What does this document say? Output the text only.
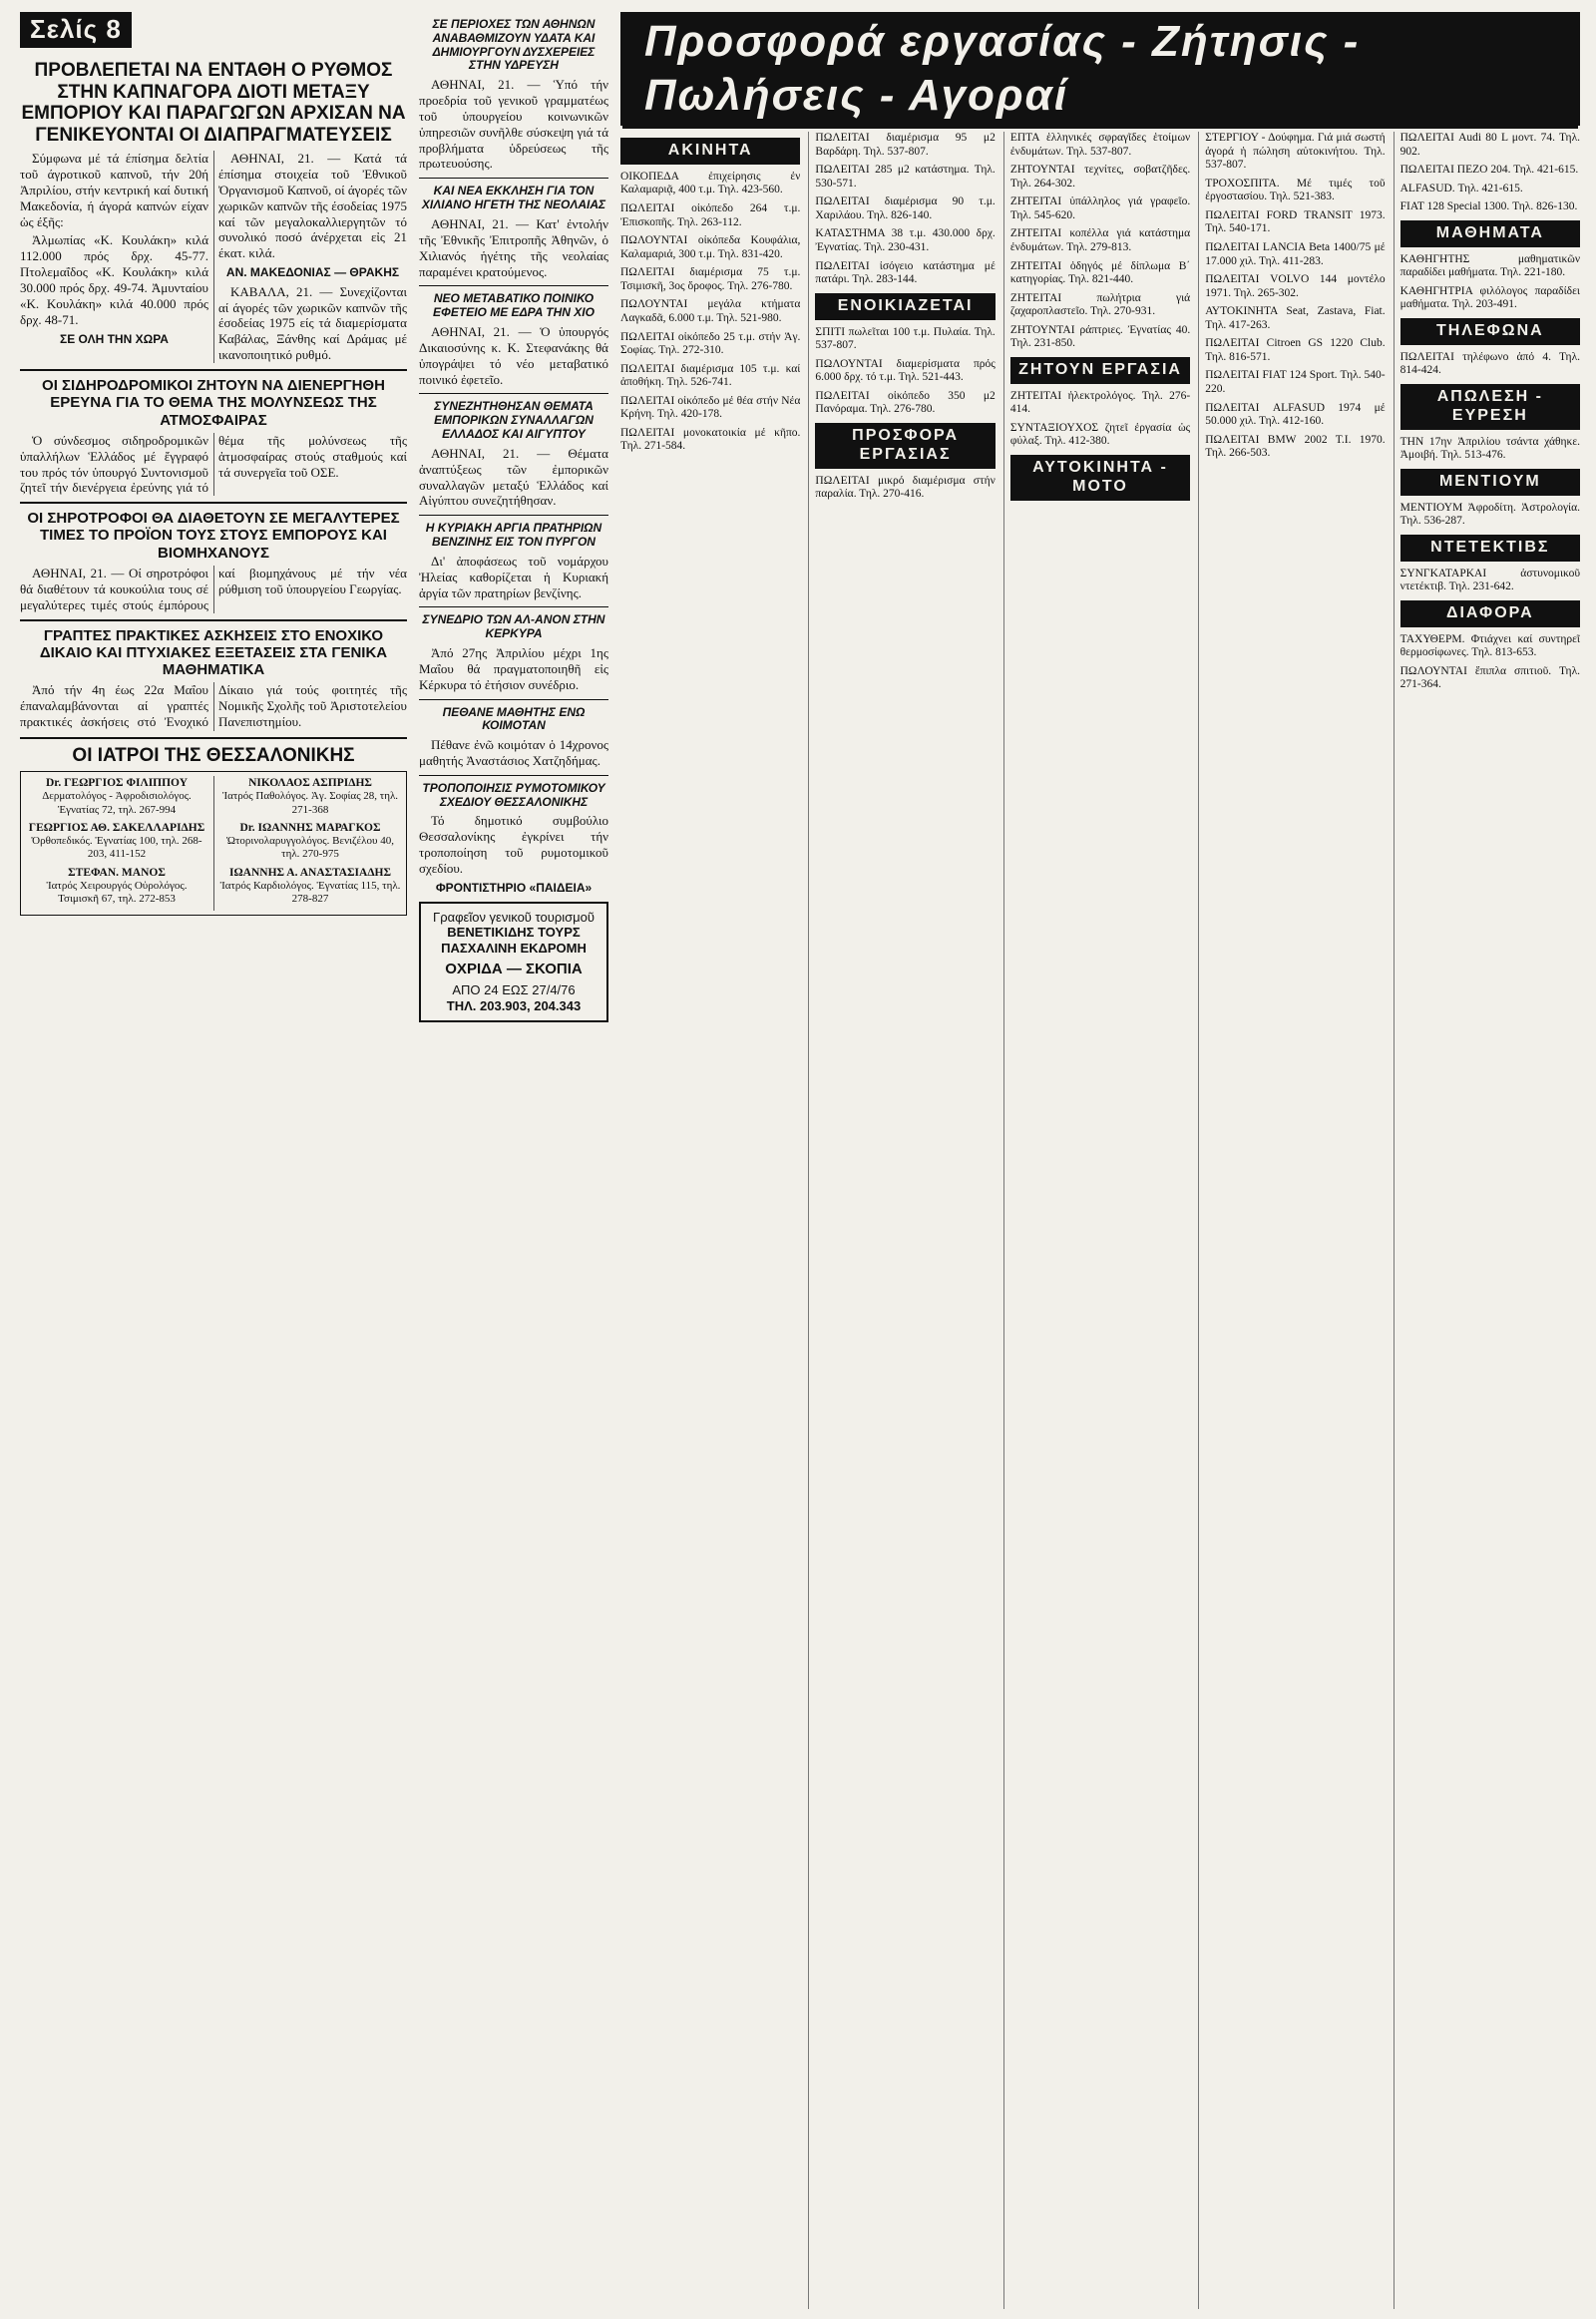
Σελίς 8
ΠΡΟΒΛΕΠΕΤΑΙ ΝΑ ΕΝΤΑΘΗ Ο ΡΥΘΜΟΣ ΣΤΗΝ ΚΑΠΝΑΓΟΡΑ ΔΙΟΤΙ ΜΕΤΑΞΥ ΕΜΠΟΡΙΟΥ ΚΑΙ ΠΑΡΑΓΩΓΩΝ ΑΡΧΙΣΑΝ ΝΑ ΓΕΝΙΚΕΥΟΝΤΑΙ ΟΙ ΔΙΑΠΡΑΓΜΑΤΕΥΣΕΙΣ

Σύμφωνα μέ τά έπίσημα δελτία τοῦ άγροτικοῦ καπνοῦ, τήν 20ή Ἀπριλίου, στήν κεντρική καί δυτική Μακεδονία, ή άγορά καπνών είχαν ὡς έξῆς:

Ἀλμωπίας «Κ. Κουλάκη» κιλά 112.000 πρός δρχ. 45-77. Πτολεμαΐδος «Κ. Κουλάκη» κιλά 30.000 πρός δρχ. 49-74. Ἀμυνταίου «Κ. Κουλάκη» κιλά 40.000 πρός δρχ. 48-71.

ΣΕ ΟΛΗ ΤΗΝ ΧΩΡΑ

ΑΘΗΝΑΙ, 21. — Κατά τά έπίσημα στοιχεία τοῦ Ἐθνικοῦ Ὀργανισμοῦ Καπνοῦ, οί άγορές τῶν χωρικῶν καπνῶν τῆς έσοδείας 1975 καί τῶν μεγαλοκαλλιεργητῶν τό συνολικό ποσό άνέρχεται εἰς 21 έκατ. κιλά.

ΑΝ. ΜΑΚΕΔΟΝΙΑΣ — ΘΡΑΚΗΣ

ΚΑΒΑΛΑ, 21. — Συνεχίζονται αί άγορές τῶν χωρικῶν καπνῶν τῆς έσοδείας 1975 είς τά διαμερίσματα Καβάλας, Ξάνθης καί Δράμας μέ ικανοποιητικό ρυθμό.

ΟΙ ΣΙΔΗΡΟΔΡΟΜΙΚΟΙ ΖΗΤΟΥΝ ΝΑ ΔΙΕΝΕΡΓΗΘΗ ΕΡΕΥΝΑ ΓΙΑ ΤΟ ΘΕΜΑ ΤΗΣ ΜΟΛΥΝΣΕΩΣ ΤΗΣ ΑΤΜΟΣΦΑΙΡΑΣ

Ὁ σύνδεσμος σιδηροδρομικῶν ὑπαλλήλων Ἑλλάδος μέ ἔγγραφό του πρός τόν ὑπουργό Συντονισμοῦ ζητεῖ τήν διενέργεια ἐρεύνης γιά τό θέμα τῆς μολύνσεως τῆς ἀτμοσφαίρας στούς σταθμούς καί τά συνεργεῖα τοῦ ΟΣΕ.

ΟΙ ΣΗΡΟΤΡΟΦΟΙ ΘΑ ΔΙΑΘΕΤΟΥΝ ΣΕ ΜΕΓΑΛΥΤΕΡΕΣ ΤΙΜΕΣ ΤΟ ΠΡΟΪΟΝ ΤΟΥΣ ΣΤΟΥΣ ΕΜΠΟΡΟΥΣ ΚΑΙ ΒΙΟΜΗΧΑΝΟΥΣ

ΑΘΗΝΑΙ, 21. — Οί σηροτρόφοι θά διαθέτουν τά κουκούλια τους σέ μεγαλύτερες τιμές στούς έμπόρους καί βιομηχάνους μέ τήν νέα ρύθμιση τοῦ ὑπουργείου Γεωργίας.

ΓΡΑΠΤΕΣ ΠΡΑΚΤΙΚΕΣ ΑΣΚΗΣΕΙΣ ΣΤΟ ΕΝΟΧΙΚΟ ΔΙΚΑΙΟ ΚΑΙ ΠΤΥΧΙΑΚΕΣ ΕΞΕΤΑΣΕΙΣ ΣΤΑ ΓΕΝΙΚΑ ΜΑΘΗΜΑΤΙΚΑ

Ἀπό τήν 4η έως 22α Μαΐου έπαναλαμβάνονται αί γραπτές πρακτικές ἀσκήσεις στό Ἐνοχικό Δίκαιο γιά τούς φοιτητές τῆς Νομικῆς Σχολῆς τοῦ Ἀριστοτελείου Πανεπιστημίου.

ΟΙ ΙΑΤΡΟΙ ΤΗΣ ΘΕΣΣΑΛΟΝΙΚΗΣ
Dr. ΓΕΩΡΓΙΟΣ ΦΙΛΙΠΠΟΥ
Δερματολόγος - Ἀφροδισιολόγος. Ἐγνατίας 72, τηλ. 267-994
ΓΕΩΡΓΙΟΣ ΑΘ. ΣΑΚΕΛΛΑΡΙΔΗΣ
Ὀρθοπεδικός. Ἐγνατίας 100, τηλ. 268-203, 411-152
ΣΤΕΦΑΝ. ΜΑΝΟΣ
Ἰατρός Χειρουργός Οὐρολόγος. Τσιμισκῆ 67, τηλ. 272-853
ΝΙΚΟΛΑΟΣ ΑΣΠΡΙΔΗΣ
Ἰατρός Παθολόγος. Ἁγ. Σοφίας 28, τηλ. 271-368
Dr. ΙΩΑΝΝΗΣ ΜΑΡΑΓΚΟΣ
Ὠτορινολαρυγγολόγος. Βενιζέλου 40, τηλ. 270-975
ΙΩΑΝΝΗΣ Α. ΑΝΑΣΤΑΣΙΑΔΗΣ
Ἰατρός Καρδιολόγος. Ἐγνατίας 115, τηλ. 278-827
ΣΕ ΠΕΡΙΟΧΕΣ ΤΩΝ ΑΘΗΝΩΝ ΑΝΑΒΑΘΜΙΖΟΥΝ ΥΔΑΤΑ ΚΑΙ ΔΗΜΙΟΥΡΓΟΥΝ ΔΥΣΧΕΡΕΙΕΣ ΣΤΗΝ ΥΔΡΕΥΣΗ

ΑΘΗΝΑΙ, 21. — Ὑπό τήν προεδρία τοῦ γενικοῦ γραμματέως τοῦ ὑπουργείου κοινωνικῶν ὑπηρεσιῶν συνῆλθε σύσκεψη γιά τά προβλήματα ὑδρεύσεως τῆς πρωτευούσης.

ΚΑΙ ΝΕΑ ΕΚΚΛΗΣΗ ΓΙΑ ΤΟΝ ΧΙΛΙΑΝΟ ΗΓΕΤΗ ΤΗΣ ΝΕΟΛΑΙΑΣ

ΑΘΗΝΑΙ, 21. — Κατ' ἐντολήν τῆς Ἐθνικῆς Ἐπιτροπῆς Ἀθηνῶν, ὁ Χιλιανός ἡγέτης τῆς νεολαίας παραμένει κρατούμενος.

ΝΕΟ ΜΕΤΑΒΑΤΙΚΟ ΠΟΙΝΙΚΟ ΕΦΕΤΕΙΟ ΜΕ ΕΔΡΑ ΤΗΝ ΧΙΟ

ΑΘΗΝΑΙ, 21. — Ὁ ὑπουργός Δικαιοσύνης κ. Κ. Στεφανάκης θά ὑπογράψει τό νέο μεταβατικό ποινικό ἐφετεῖο.

ΣΥΝΕΖΗΤΗΘΗΣΑΝ ΘΕΜΑΤΑ ΕΜΠΟΡΙΚΩΝ ΣΥΝΑΛΛΑΓΩΝ ΕΛΛΑΔΟΣ ΚΑΙ ΑΙΓΥΠΤΟΥ

ΑΘΗΝΑΙ, 21. — Θέματα ἀναπτύξεως τῶν ἐμπορικῶν συναλλαγῶν μεταξύ Ἑλλάδος καί Αἰγύπτου συνεζητήθησαν.

Η ΚΥΡΙΑΚΗ ΑΡΓΙΑ ΠΡΑΤΗΡΙΩΝ ΒΕΝΖΙΝΗΣ ΕΙΣ ΤΟΝ ΠΥΡΓΟΝ

Δι' ἀποφάσεως τοῦ νομάρχου Ἠλείας καθορίζεται ἡ Κυριακή ἀργία τῶν πρατηρίων βενζίνης.

ΣΥΝΕΔΡΙΟ ΤΩΝ ΑΛ-ΑΝΟΝ ΣΤΗΝ ΚΕΡΚΥΡΑ

Ἀπό 27ης Ἀπριλίου μέχρι 1ης Μαΐου θά πραγματοποιηθῆ εἰς Κέρκυρα τό ἐτήσιον συνέδριο.

ΠΕΘΑΝΕ ΜΑΘΗΤΗΣ ΕΝΩ ΚΟΙΜΟΤΑΝ

Πέθανε ἐνῶ κοιμόταν ὁ 14χρονος μαθητής Ἀναστάσιος Χατζηδήμας.

ΤΡΟΠΟΠΟΙΗΣΙΣ ΡΥΜΟΤΟΜΙΚΟΥ ΣΧΕΔΙΟΥ ΘΕΣΣΑΛΟΝΙΚΗΣ

Τό δημοτικό συμβούλιο Θεσσαλονίκης ἐγκρίνει τήν τροποποίηση τοῦ ρυμοτομικοῦ σχεδίου.

ΦΡΟΝΤΙΣΤΗΡΙΟ «ΠΑΙΔΕΙΑ»
Γραφεῖον γενικοῦ τουρισμοῦ
ΒΕΝΕΤΙΚΙΔΗΣ ΤΟΥΡΣ ΠΑΣΧΑΛΙΝΗ ΕΚΔΡΟΜΗ
ΟΧΡΙΔΑ — ΣΚΟΠΙΑ
ΑΠΟ 24 ΕΩΣ 27/4/76
ΤΗΛ. 203.903, 204.343
Προσφορά εργασίας - Ζήτησις - Πωλήσεις - Αγοραί
ΑΚΙΝΗΤΑ
ΟΙΚΟΠΕΔΑ ἐπιχείρησις ἐν Καλαμαριᾷ, 400 τ.μ. Τηλ. 423-560.
ΠΩΛΕΙΤΑΙ οἰκόπεδο 264 τ.μ. Ἐπισκοπῆς. Τηλ. 263-112.
ΠΩΛΟΥΝΤΑΙ οἰκόπεδα Κουφάλια, Καλαμαριά, 300 τ.μ. Τηλ. 831-420.
ΠΩΛΕΙΤΑΙ διαμέρισμα 75 τ.μ. Τσιμισκῆ, 3ος ὄροφος. Τηλ. 276-780.
ΠΩΛΟΥΝΤΑΙ μεγάλα κτήματα Λαγκαδᾶ, 6.000 τ.μ. Τηλ. 521-980.
ΠΩΛΕΙΤΑΙ οἰκόπεδο 25 τ.μ. στήν Ἁγ. Σοφίας. Τηλ. 272-310.
ΠΩΛΕΙΤΑΙ διαμέρισμα 105 τ.μ. καί ἀποθήκη. Τηλ. 526-741.
ΠΩΛΕΙΤΑΙ οἰκόπεδο μέ θέα στήν Νέα Κρήνη. Τηλ. 420-178.
ΠΩΛΕΙΤΑΙ μονοκατοικία μέ κῆπο. Τηλ. 271-584.
ΠΩΛΕΙΤΑΙ διαμέρισμα 95 μ2 Βαρδάρη. Τηλ. 537-807.
ΠΩΛΕΙΤΑΙ 285 μ2 κατάστημα. Τηλ. 530-571.
ΠΩΛΕΙΤΑΙ διαμέρισμα 90 τ.μ. Χαριλάου. Τηλ. 826-140.
ΚΑΤΑΣΤΗΜΑ 38 τ.μ. 430.000 δρχ. Ἐγνατίας. Τηλ. 230-431.
ΠΩΛΕΙΤΑΙ ἰσόγειο κατάστημα μέ πατάρι. Τηλ. 283-144.
ΕΝΟΙΚΙΑΖΕΤΑΙ
ΣΠΙΤΙ πωλεῖται 100 τ.μ. Πυλαία. Τηλ. 537-807.
ΠΩΛΟΥΝΤΑΙ διαμερίσματα πρός 6.000 δρχ. τό τ.μ. Τηλ. 521-443.
ΠΩΛΕΙΤΑΙ οἰκόπεδο 350 μ2 Πανόραμα. Τηλ. 276-780.
ΠΡΟΣΦΟΡΑ ΕΡΓΑΣΙΑΣ
ΠΩΛΕΙΤΑΙ μικρό διαμέρισμα στήν παραλία. Τηλ. 270-416.
ΕΠΤΑ ἑλληνικές σφραγῖδες ἑτοίμων ἐνδυμάτων. Τηλ. 537-807.
ΖΗΤΟΥΝΤΑΙ τεχνίτες, σοβατζῆδες. Τηλ. 264-302.
ΖΗΤΕΙΤΑΙ ὑπάλληλος γιά γραφεῖο. Τηλ. 545-620.
ΖΗΤΕΙΤΑΙ κοπέλλα γιά κατάστημα ἐνδυμάτων. Τηλ. 279-813.
ΖΗΤΕΙΤΑΙ ὁδηγός μέ δίπλωμα Β΄ κατηγορίας. Τηλ. 821-440.
ΖΗΤΕΙΤΑΙ πωλήτρια γιά ζαχαροπλαστεῖο. Τηλ. 270-931.
ΖΗΤΟΥΝΤΑΙ ράπτριες. Ἐγνατίας 40. Τηλ. 231-850.
ΖΗΤΟΥΝ ΕΡΓΑΣΙΑ
ΖΗΤΕΙΤΑΙ ἠλεκτρολόγος. Τηλ. 276-414.
ΣΥΝΤΑΞΙΟΥΧΟΣ ζητεῖ ἐργασία ὡς φύλαξ. Τηλ. 412-380.
ΑΥΤΟΚΙΝΗΤΑ - ΜΟΤΟ
ΣΤΕΡΓΙΟΥ - Δούφημα. Γιά μιά σωστή ἀγορά ἡ πώληση αὐτοκινήτου. Τηλ. 537-807.
ΤΡΟΧΟΣΠΙΤΑ. Μέ τιμές τοῦ ἐργοστασίου. Τηλ. 521-383.
ΠΩΛΕΙΤΑΙ FORD TRANSIT 1973. Τηλ. 540-171.
ΠΩΛΕΙΤΑΙ LANCIA Beta 1400/75 μέ 17.000 χιλ. Τηλ. 411-283.
ΠΩΛΕΙΤΑΙ VOLVO 144 μοντέλο 1971. Τηλ. 265-302.
ΑΥΤΟΚΙΝΗΤΑ Seat, Zastava, Fiat. Τηλ. 417-263.
ΠΩΛΕΙΤΑΙ Citroen GS 1220 Club. Τηλ. 816-571.
ΠΩΛΕΙΤΑΙ FIAT 124 Sport. Τηλ. 540-220.
ΠΩΛΕΙΤΑΙ ALFASUD 1974 μέ 50.000 χιλ. Τηλ. 412-160.
ΠΩΛΕΙΤΑΙ ΒΜW 2002 T.I. 1970. Τηλ. 266-503.
ΠΩΛΕΙΤΑΙ Audi 80 L μοντ. 74. Τηλ. 902.
ΠΩΛΕΙΤΑΙ ΠΕΖΟ 204. Τηλ. 421-615.
ALFASUD. Τηλ. 421-615.
FIAT 128 Special 1300. Τηλ. 826-130.
ΜΑΘΗΜΑΤΑ
ΚΑΘΗΓΗΤΗΣ μαθηματικῶν παραδίδει μαθήματα. Τηλ. 221-180.
ΚΑΘΗΓΗΤΡΙΑ φιλόλογος παραδίδει μαθήματα. Τηλ. 203-491.
ΤΗΛΕΦΩΝΑ
ΠΩΛΕΙΤΑΙ τηλέφωνο ἀπό 4. Τηλ. 814-424.
ΑΠΩΛΕΣΗ - ΕΥΡΕΣΗ
ΤΗΝ 17ην Ἀπριλίου τσάντα χάθηκε. Ἀμοιβή. Τηλ. 513-476.
ΜΕΝΤΙΟΥΜ
ΜΕΝΤΙΟΥΜ Ἀφροδίτη. Ἀστρολογία. Τηλ. 536-287.
ΝΤΕΤΕΚΤΙΒΣ
ΣΥΝΓΚΑΤΑΡΚΑΙ ἀστυνομικοῦ ντετέκτιβ. Τηλ. 231-642.
ΔΙΑΦΟΡΑ
ΤΑΧΥΘΕΡΜ. Φτιάχνει καί συντηρεῖ θερμοσίφωνες. Τηλ. 813-653.
ΠΩΛΟΥΝΤΑΙ ἔπιπλα σπιτιοῦ. Τηλ. 271-364.
